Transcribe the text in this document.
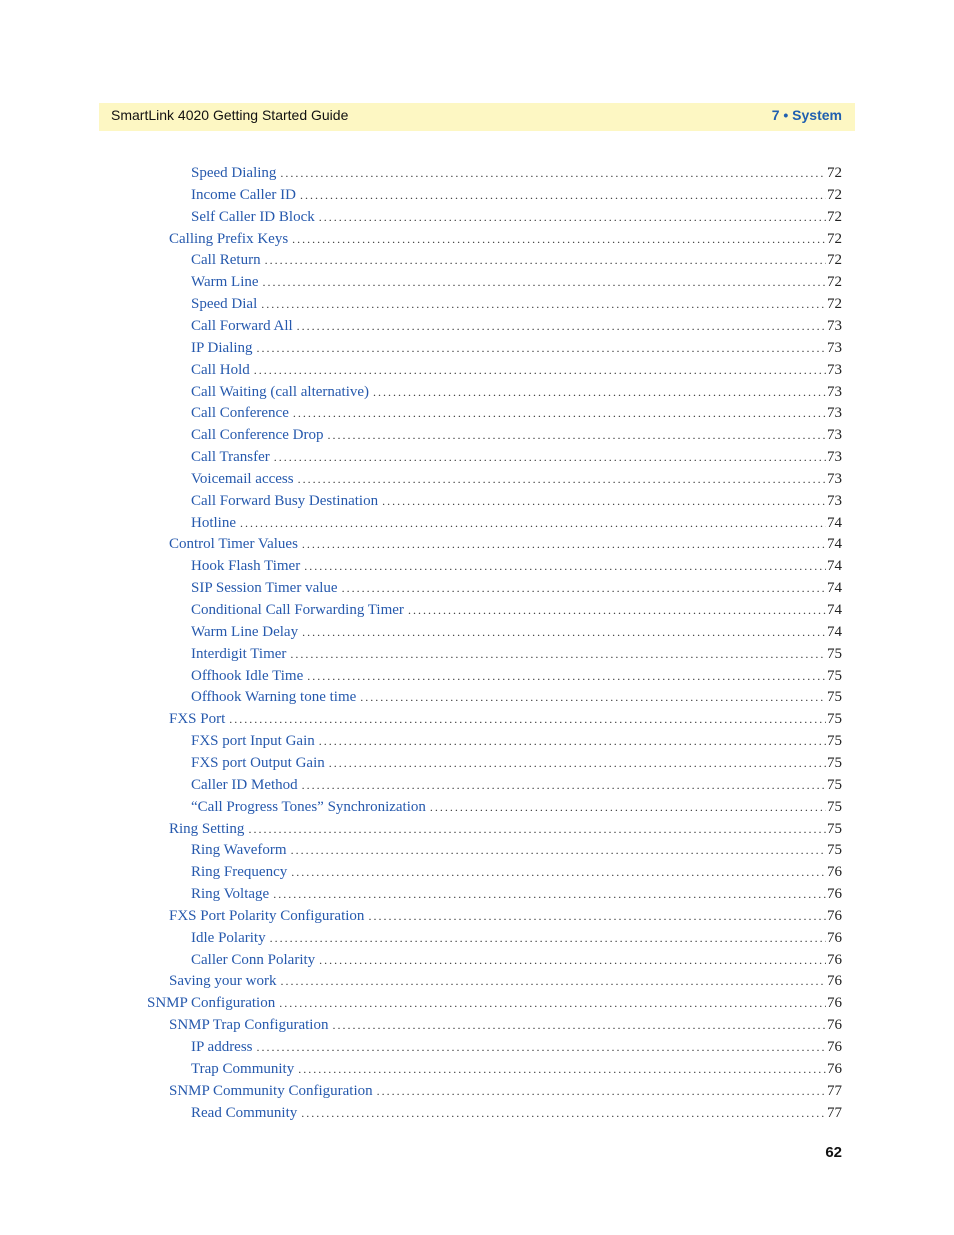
SmartLink 4020 Getting Started Guide	7 • System
Speed Dialing . . .	72
Income Caller ID . . .	72
Self Caller ID Block . . .	72
Calling Prefix Keys . . .	72
Call Return . . .	72
Warm Line . . .	72
Speed Dial . . .	72
Call Forward All . . .	73
IP Dialing . . .	73
Call Hold . . .	73
Call Waiting (call alternative) . . .	73
Call Conference . . .	73
Call Conference Drop . . .	73
Call Transfer . . .	73
Voicemail access . . .	73
Call Forward Busy Destination . . .	73
Hotline . . .	74
Control Timer Values . . .	74
Hook Flash Timer . . .	74
SIP Session Timer value . . .	74
Conditional Call Forwarding Timer . . .	74
Warm Line Delay . . .	74
Interdigit Timer . . .	75
Offhook Idle Time . . .	75
Offhook Warning tone time . . .	75
FXS Port . . .	75
FXS port Input Gain . . .	75
FXS port Output Gain . . .	75
Caller ID Method . . .	75
“Call Progress Tones” Synchronization . . .	75
Ring Setting . . .	75
Ring Waveform . . .	75
Ring Frequency . . .	76
Ring Voltage . . .	76
FXS Port Polarity Configuration . . .	76
Idle Polarity . . .	76
Caller Conn Polarity . . .	76
Saving your work . . .	76
SNMP Configuration . . .	76
SNMP Trap Configuration . . .	76
IP address . . .	76
Trap Community . . .	76
SNMP Community Configuration . . .	77
Read Community . . .	77
62
